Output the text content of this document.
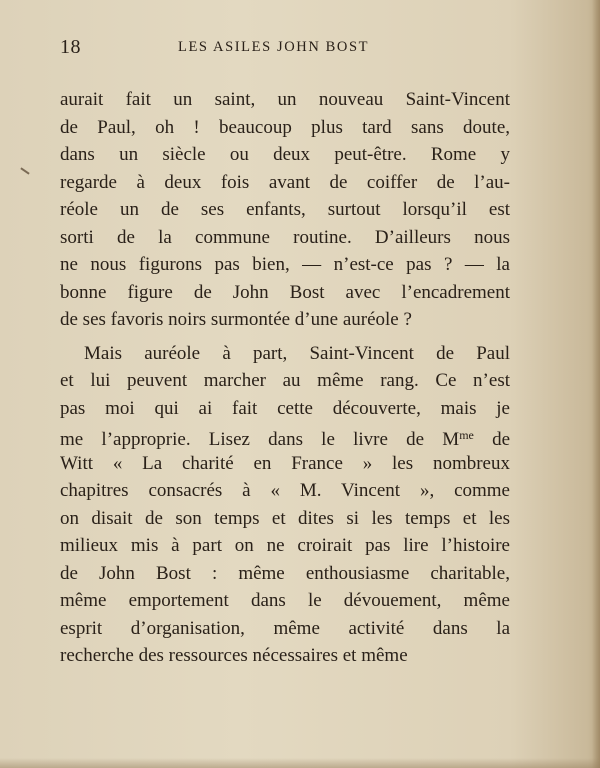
18	LES ASILES JOHN BOST
aurait fait un saint, un nouveau Saint-Vincent
de Paul, oh ! beaucoup plus tard sans doute,
dans un siècle ou deux peut-être. Rome y
regarde à deux fois avant de coiffer de l’au-
réole un de ses enfants, surtout lorsqu’il est
sorti de la commune routine. D’ailleurs nous
ne nous figurons pas bien, — n’est-ce pas ? — la
bonne figure de John Bost avec l’encadrement
de ses favoris noirs surmontée d’une auréole ?
Mais auréole à part, Saint-Vincent de Paul
et lui peuvent marcher au même rang. Ce n’est
pas moi qui ai fait cette découverte, mais je
me l’approprie. Lisez dans le livre de $M^{me}$ de
Witt « La charité en France » les nombreux
chapitres consacrés à « M. Vincent », comme
on disait de son temps et dites si les temps et les
milieux mis à part on ne croirait pas lire l’histoire
de John Bost : même enthousiasme charitable,
même emportement dans le dévouement, même
esprit d’organisation, même activité dans la
recherche des ressources nécessaires et même
